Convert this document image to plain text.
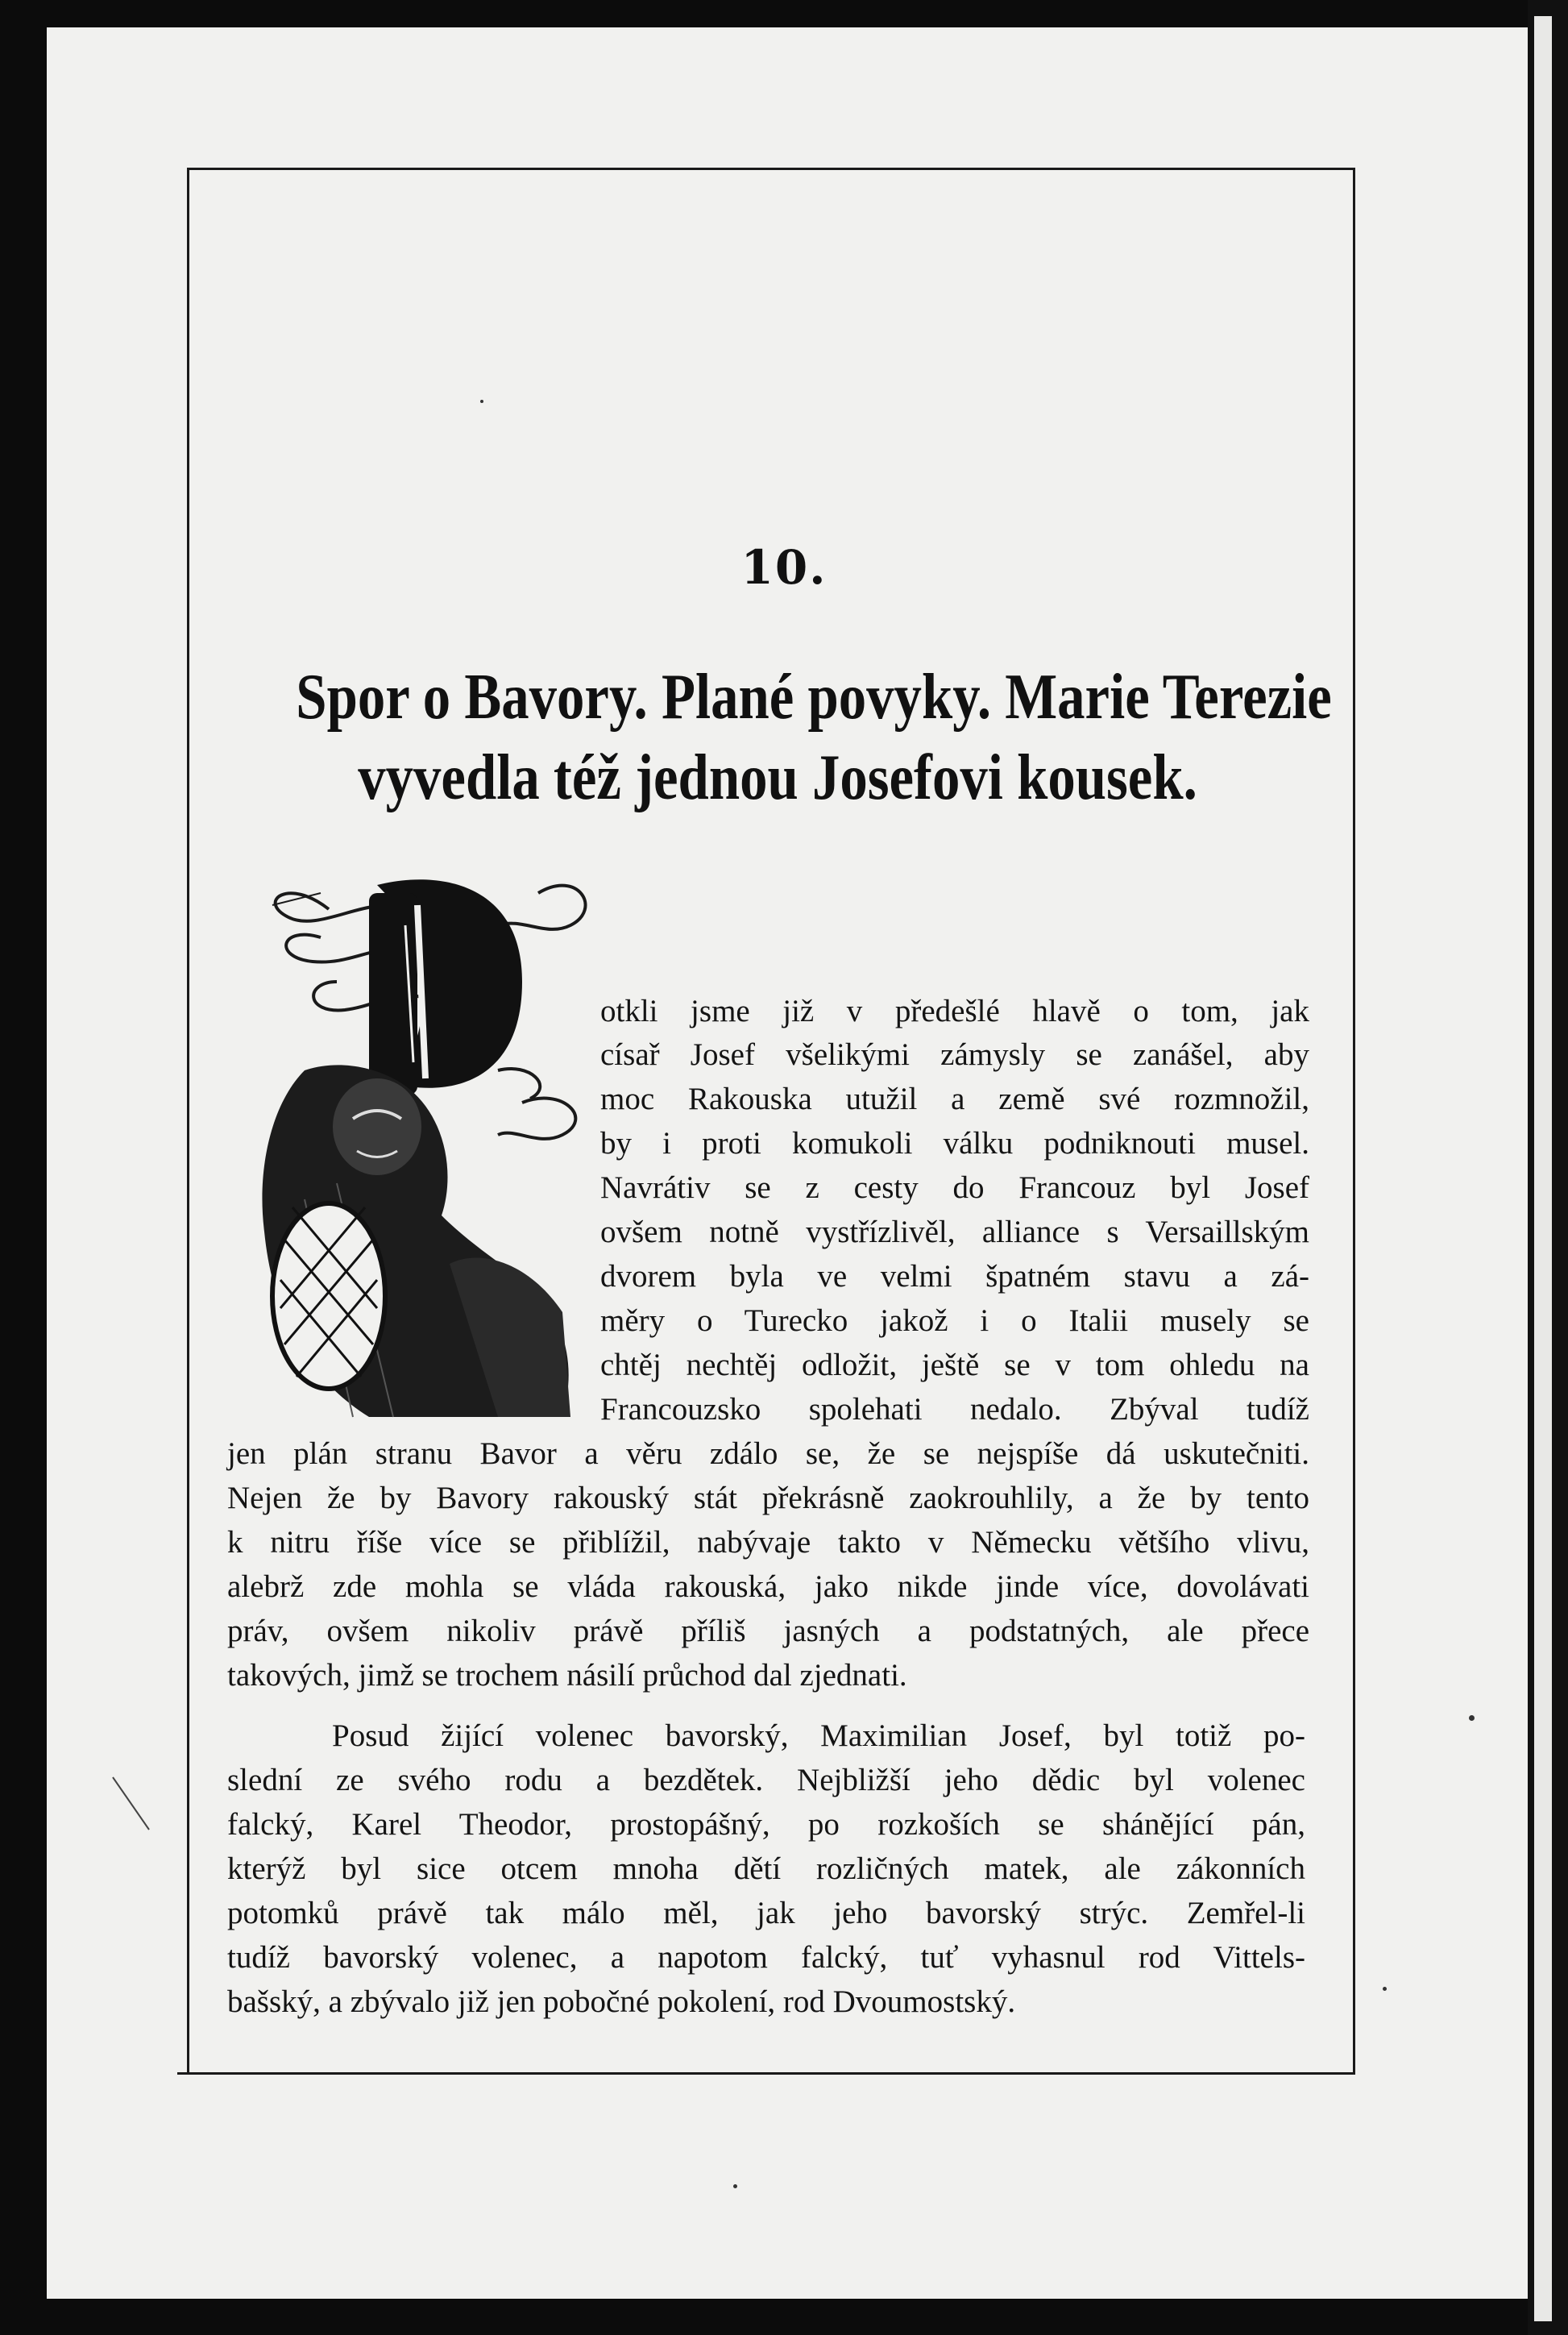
10.
Spor o Bavory. Plané povyky. Marie Terezie
vyvedla též jednou Josefovi kousek.
D
otkli jsme již v předešlé hlavě o tom, jak
císař Josef všelikými zámysly se zanášel, aby
moc Rakouska utužil a země své rozmnožil,
by i proti komukoli válku podniknouti musel.
Navrátiv se z cesty do Francouz byl Josef
ovšem notně vystřízlivěl, alliance s Versaillským
dvorem byla ve velmi špatném stavu a zá-
měry o Turecko jakož i o Italii musely se
chtěj nechtěj odložit, ještě se v tom ohledu na
Francouzsko spolehati nedalo. Zbýval tudíž
jen plán stranu Bavor a věru zdálo se, že se nejspíše dá uskutečniti.
Nejen že by Bavory rakouský stát překrásně zaokrouhlily, a že by tento
k nitru říše více se přiblížil, nabývaje takto v Německu většího vlivu,
alebrž zde mohla se vláda rakouská, jako nikde jinde více, dovolávati
práv, ovšem nikoliv právě příliš jasných a podstatných, ale přece
takových, jimž se trochem násilí průchod dal zjednati.
Posud žijící volenec bavorský, Maximilian Josef, byl totiž po-
slední ze svého rodu a bezdětek. Nejbližší jeho dědic byl volenec
falcký, Karel Theodor, prostopášný, po rozkoších se shánějící pán,
kterýž byl sice otcem mnoha dětí rozličných matek, ale zákonních
potomků právě tak málo měl, jak jeho bavorský strýc. Zemřel-li
tudíž bavorský volenec, a napotom falcký, tuť vyhasnul rod Vittels-
bašský, a zbývalo již jen pobočné pokolení, rod Dvoumostský.
